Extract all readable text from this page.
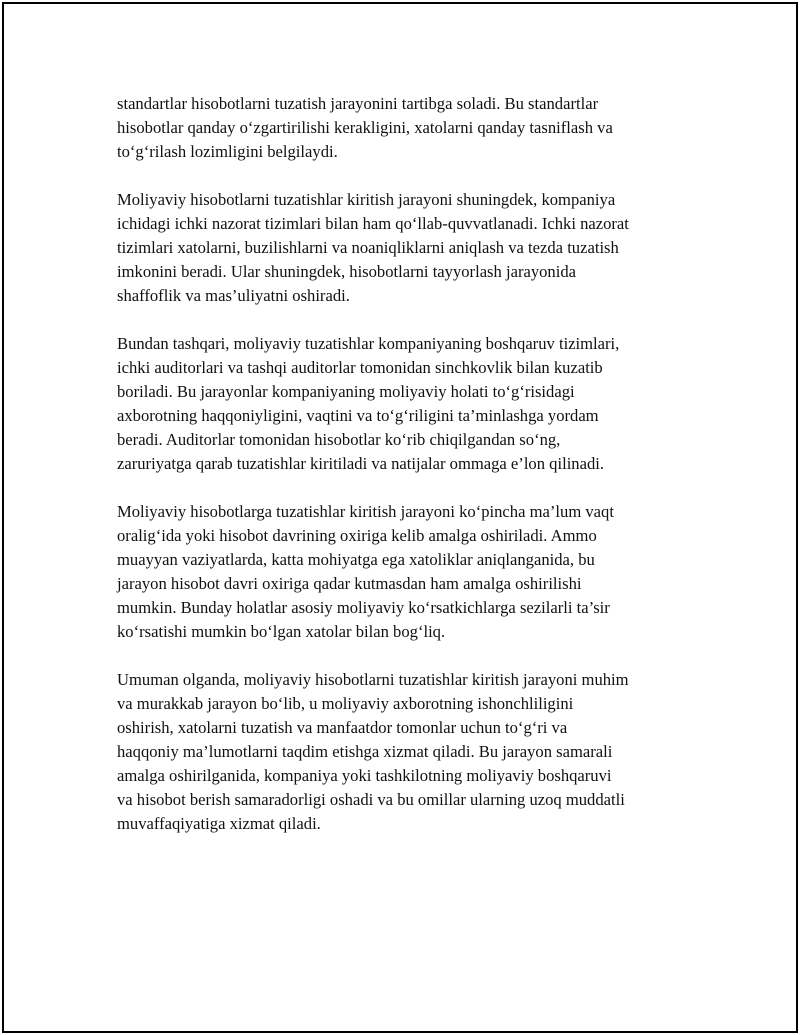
standartlar hisobotlarni tuzatish jarayonini tartibga soladi. Bu standartlar
hisobotlar qanday o‘zgartirilishi kerakligini, xatolarni qanday tasniflash va
to‘g‘rilash lozimligini belgilaydi.

Moliyaviy hisobotlarni tuzatishlar kiritish jarayoni shuningdek, kompaniya
ichidagi ichki nazorat tizimlari bilan ham qo‘llab-quvvatlanadi. Ichki nazorat
tizimlari xatolarni, buzilishlarni va noaniqliklarni aniqlash va tezda tuzatish
imkonini beradi. Ular shuningdek, hisobotlarni tayyorlash jarayonida
shaffoflik va mas’uliyatni oshiradi.

Bundan tashqari, moliyaviy tuzatishlar kompaniyaning boshqaruv tizimlari,
ichki auditorlari va tashqi auditorlar tomonidan sinchkovlik bilan kuzatib
boriladi. Bu jarayonlar kompaniyaning moliyaviy holati to‘g‘risidagi
axborotning haqqoniyligini, vaqtini va to‘g‘riligini ta’minlashga yordam
beradi. Auditorlar tomonidan hisobotlar ko‘rib chiqilgandan so‘ng,
zaruriyatga qarab tuzatishlar kiritiladi va natijalar ommaga e’lon qilinadi.

Moliyaviy hisobotlarga tuzatishlar kiritish jarayoni ko‘pincha ma’lum vaqt
oralig‘ida yoki hisobot davrining oxiriga kelib amalga oshiriladi. Ammo
muayyan vaziyatlarda, katta mohiyatga ega xatoliklar aniqlanganida, bu
jarayon hisobot davri oxiriga qadar kutmasdan ham amalga oshirilishi
mumkin. Bunday holatlar asosiy moliyaviy ko‘rsatkichlarga sezilarli ta’sir
ko‘rsatishi mumkin bo‘lgan xatolar bilan bog‘liq.

Umuman olganda, moliyaviy hisobotlarni tuzatishlar kiritish jarayoni muhim
va murakkab jarayon bo‘lib, u moliyaviy axborotning ishonchliligini
oshirish, xatolarni tuzatish va manfaatdor tomonlar uchun to‘g‘ri va
haqqoniy ma’lumotlarni taqdim etishga xizmat qiladi. Bu jarayon samarali
amalga oshirilganida, kompaniya yoki tashkilotning moliyaviy boshqaruvi
va hisobot berish samaradorligi oshadi va bu omillar ularning uzoq muddatli
muvaffaqiyatiga xizmat qiladi.
